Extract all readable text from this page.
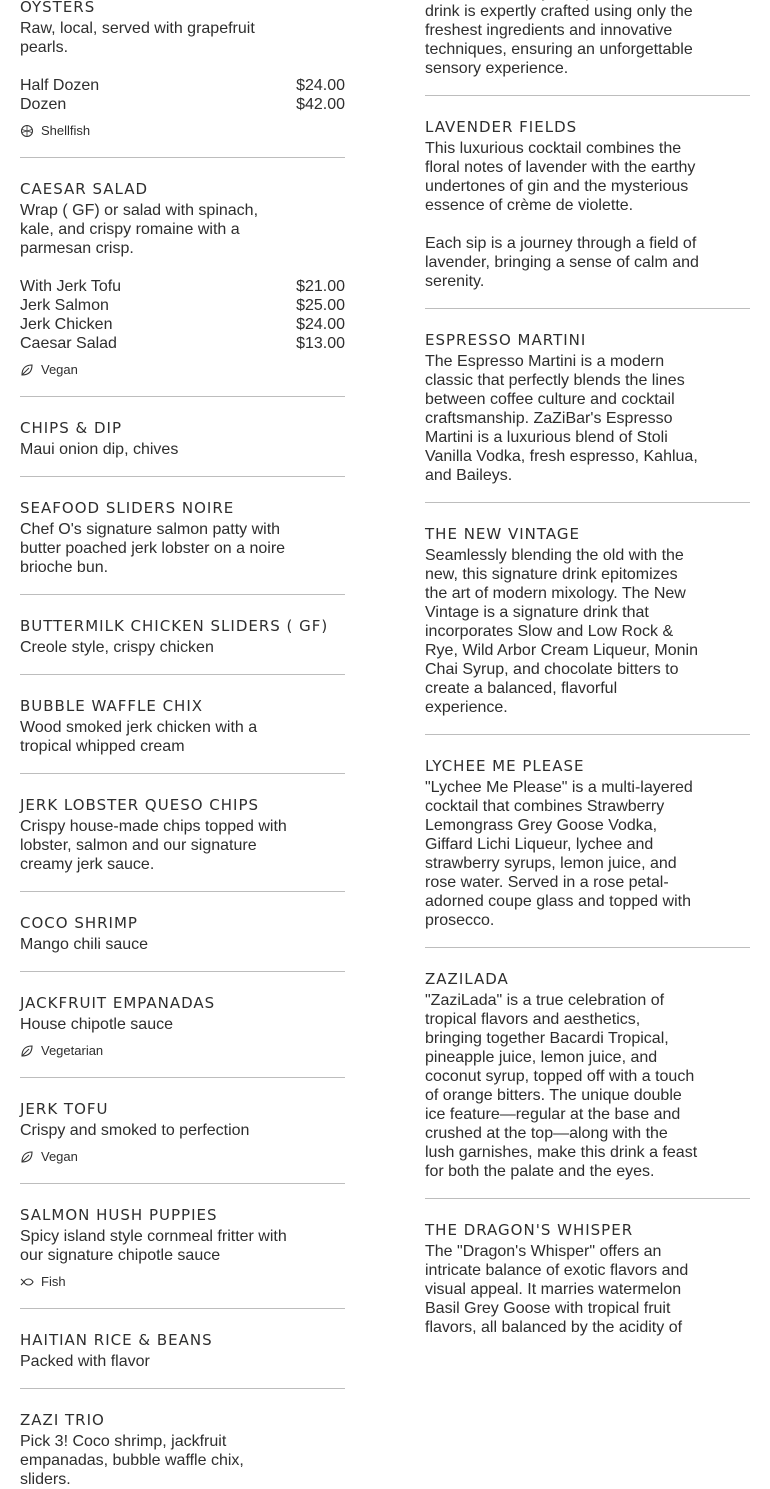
OYSTERS
Raw, local, served with grapefruit pearls.
Half Dozen	$24.00
Dozen	$42.00
Shellfish
CAESAR SALAD
Wrap ( GF) or salad with spinach, kale, and crispy romaine with a parmesan crisp.
With Jerk Tofu	$21.00
Jerk Salmon	$25.00
Jerk Chicken	$24.00
Caesar Salad	$13.00
Vegan
CHIPS & DIP
Maui onion dip, chives
SEAFOOD SLIDERS NOIRE
Chef O's signature salmon patty with butter poached jerk lobster on a noire brioche bun.
BUTTERMILK CHICKEN SLIDERS ( GF)
Creole style, crispy chicken
BUBBLE WAFFLE CHIX
Wood smoked jerk chicken with a tropical whipped cream
JERK LOBSTER QUESO CHIPS
Crispy house-made chips topped with lobster, salmon and our signature creamy jerk sauce.
COCO SHRIMP
Mango chili sauce
JACKFRUIT EMPANADAS
House chipotle sauce
Vegetarian
JERK TOFU
Crispy and smoked to perfection
Vegan
SALMON HUSH PUPPIES
Spicy island style cornmeal fritter with our signature chipotle sauce
Fish
HAITIAN RICE & BEANS
Packed with flavor
ZAZI TRIO
Pick 3! Coco shrimp, jackfruit empanadas, bubble waffle chix, sliders.
drink is expertly crafted using only the freshest ingredients and innovative techniques, ensuring an unforgettable sensory experience.
LAVENDER FIELDS
This luxurious cocktail combines the floral notes of lavender with the earthy undertones of gin and the mysterious essence of crème de violette.
Each sip is a journey through a field of lavender, bringing a sense of calm and serenity.
ESPRESSO MARTINI
The Espresso Martini is a modern classic that perfectly blends the lines between coffee culture and cocktail craftsmanship. ZaZiBar's Espresso Martini is a luxurious blend of Stoli Vanilla Vodka, fresh espresso, Kahlua, and Baileys.
THE NEW VINTAGE
Seamlessly blending the old with the new, this signature drink epitomizes the art of modern mixology. The New Vintage is a signature drink that incorporates Slow and Low Rock & Rye, Wild Arbor Cream Liqueur, Monin Chai Syrup, and chocolate bitters to create a balanced, flavorful experience.
LYCHEE ME PLEASE
"Lychee Me Please" is a multi-layered cocktail that combines Strawberry Lemongrass Grey Goose Vodka, Giffard Lichi Liqueur, lychee and strawberry syrups, lemon juice, and rose water. Served in a rose petal-adorned coupe glass and topped with prosecco.
ZAZILADA
"ZaziLada" is a true celebration of tropical flavors and aesthetics, bringing together Bacardi Tropical, pineapple juice, lemon juice, and coconut syrup, topped off with a touch of orange bitters. The unique double ice feature—regular at the base and crushed at the top—along with the lush garnishes, make this drink a feast for both the palate and the eyes.
THE DRAGON'S WHISPER
The "Dragon's Whisper" offers an intricate balance of exotic flavors and visual appeal. It marries watermelon Basil Grey Goose with tropical fruit flavors, all balanced by the acidity of
